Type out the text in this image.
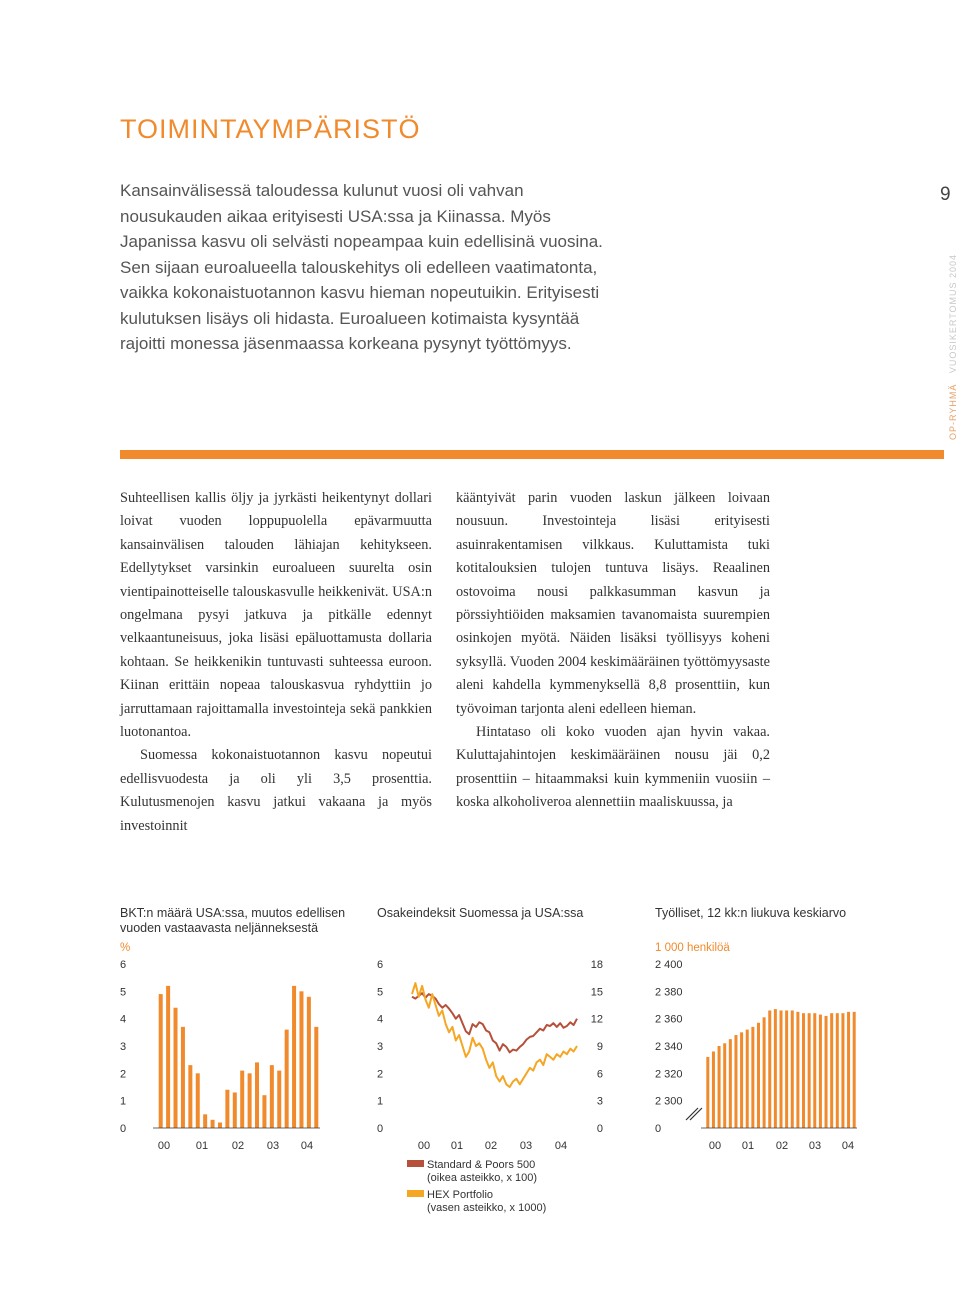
TOIMINTAYMPÄRISTÖ

Kansainvälisessä taloudessa kulunut vuosi oli vahvan nousukauden aikaa erityisesti USA:ssa ja Kiinassa. Myös Japanissa kasvu oli selvästi nopeampaa kuin edellisinä vuosina. Sen sijaan euroalueella talouskehitys oli edelleen vaatimatonta, vaikka kokonaistuotannon kasvu hieman nopeutuikin. Erityisesti kulutuksen lisäys oli hidasta. Euroalueen kotimaista kysyntää rajoitti monessa jäsenmaassa korkeana pysynyt työttömyys.

9
OP-RYHMÄ   VUOSIKERTOMUS 2004

Suhteellisen kallis öljy ja jyrkästi heikentynyt dollari loivat vuoden loppupuolella epävarmuutta kansainvälisen talouden lähiajan kehitykseen. Edellytykset varsinkin euroalueen suurelta osin vientipainotteiselle talouskasvulle heikkenivät. USA:n ongelmana pysyi jatkuva ja pitkälle edennyt velkaantuneisuus, joka lisäsi epäluottamusta dollaria kohtaan. Se heikkenikin tuntuvasti suhteessa euroon. Kiinan erittäin nopeaa talouskasvua ryhdyttiin jo jarruttamaan rajoittamalla investointeja sekä pankkien luotonantoa.

Suomessa kokonaistuotannon kasvu nopeutui edellisvuodesta ja oli yli 3,5 prosenttia. Kulutusmenojen kasvu jatkui vakaana ja myös investoinnit

kääntyivät parin vuoden laskun jälkeen loivaan nousuun. Investointeja lisäsi erityisesti asuinrakentamisen vilkkaus. Kuluttamista tuki kotitalouksien tulojen tuntuva lisäys. Reaalinen ostovoima nousi palkkasumman kasvun ja pörssiyhtiöiden maksamien tavanomaista suurempien osinkojen myötä. Näiden lisäksi työllisyys koheni syksyllä. Vuoden 2004 keskimääräinen työttömyysaste aleni kahdella kymmenyksellä 8,8 prosenttiin, kun työvoiman tarjonta aleni edelleen hieman.

Hintataso oli koko vuoden ajan hyvin vakaa. Kuluttajahintojen keskimääräinen nousu jäi 0,2 prosenttiin – hitaammaksi kuin kymmeniin vuosiin – koska alkoholiveroa alennettiin maaliskuussa, ja

BKT:n määrä USA:ssa, muutos edellisen vuoden vastaavasta neljänneksestä

%
6
5
4
3
2
1
0
00 01 02 03 04

Osakeindeksit Suomessa ja USA:ssa

6
5
4
3
2
1
0
18
15
12
9
6
3
0
00 01 02 03 04
Standard & Poors 500
(oikea asteikko, x 100)
HEX Portfolio
(vasen asteikko, x 1000)

Työlliset, 12 kk:n liukuva keskiarvo

1 000 henkilöä
2 400
2 380
2 360
2 340
2 320
2 300
0
00 01 02 03 04
